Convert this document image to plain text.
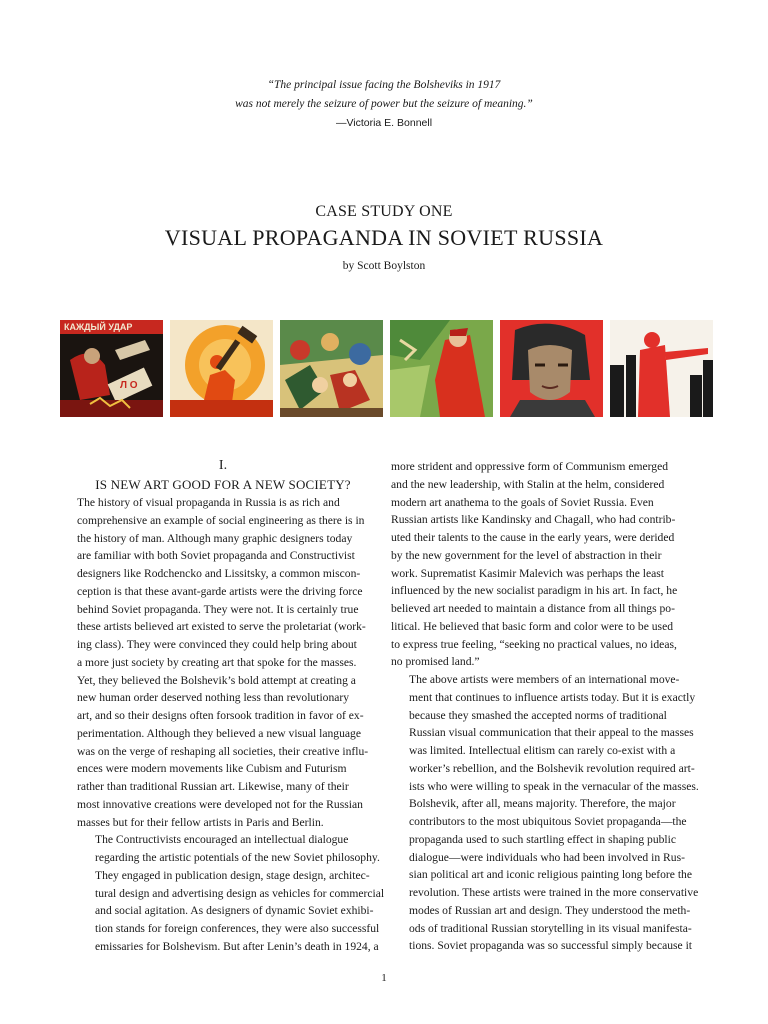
“The principal issue facing the Bolsheviks in 1917
was not merely the seizure of power but the seizure of meaning.”
—Victoria E. Bonnell
CASE STUDY ONE
VISUAL PROPAGANDA IN SOVIET RUSSIA
by Scott Boylston
КАЖДЫЙ УДАР
Л О
I.
IS NEW ART GOOD FOR A NEW SOCIETY?

The history of visual propaganda in Russia is as rich and
comprehensive an example of social engineering as there is in
the history of man. Although many graphic designers today
are familiar with both Soviet propaganda and Constructivist
designers like Rodchencko and Lissitsky, a common miscon-
ception is that these avant-garde artists were the driving force
behind Soviet propaganda. They were not. It is certainly true
these artists believed art existed to serve the proletariat (work-
ing class). They were convinced they could help bring about
a more just society by creating art that spoke for the masses.
Yet, they believed the Bolshevik’s bold attempt at creating a
new human order deserved nothing less than revolutionary
art, and so their designs often forsook tradition in favor of ex-
perimentation. Although they believed a new visual language
was on the verge of reshaping all societies, their creative influ-
ences were modern movements like Cubism and Futurism
rather than traditional Russian art. Likewise, many of their
most innovative creations were developed not for the Russian
masses but for their fellow artists in Paris and Berlin.

The Contructivists encouraged an intellectual dialogue
regarding the artistic potentials of the new Soviet philosophy.
They engaged in publication design, stage design, architec-
tural design and advertising design as vehicles for commercial
and social agitation. As designers of dynamic Soviet exhibi-
tion stands for foreign conferences, they were also successful
emissaries for Bolshevism. But after Lenin’s death in 1924, a

more strident and oppressive form of Communism emerged
and the new leadership, with Stalin at the helm, considered
modern art anathema to the goals of Soviet Russia. Even
Russian artists like Kandinsky and Chagall, who had contrib-
uted their talents to the cause in the early years, were derided
by the new government for the level of abstraction in their
work. Suprematist Kasimir Malevich was perhaps the least
influenced by the new socialist paradigm in his art. In fact, he
believed art needed to maintain a distance from all things po-
litical. He believed that basic form and color were to be used
to express true feeling, “seeking no practical values, no ideas,
no promised land.”

The above artists were members of an international move-
ment that continues to influence artists today. But it is exactly
because they smashed the accepted norms of traditional
Russian visual communication that their appeal to the masses
was limited. Intellectual elitism can rarely co-exist with a
worker’s rebellion, and the Bolshevik revolution required art-
ists who were willing to speak in the vernacular of the masses.
Bolshevik, after all, means majority. Therefore, the major
contributors to the most ubiquitous Soviet propaganda—the
propaganda used to such startling effect in shaping public
dialogue—were individuals who had been involved in Rus-
sian political art and iconic religious painting long before the
revolution. These artists were trained in the more conservative
modes of Russian art and design. They understood the meth-
ods of traditional Russian storytelling in its visual manifesta-
tions. Soviet propaganda was so successful simply because it

1
